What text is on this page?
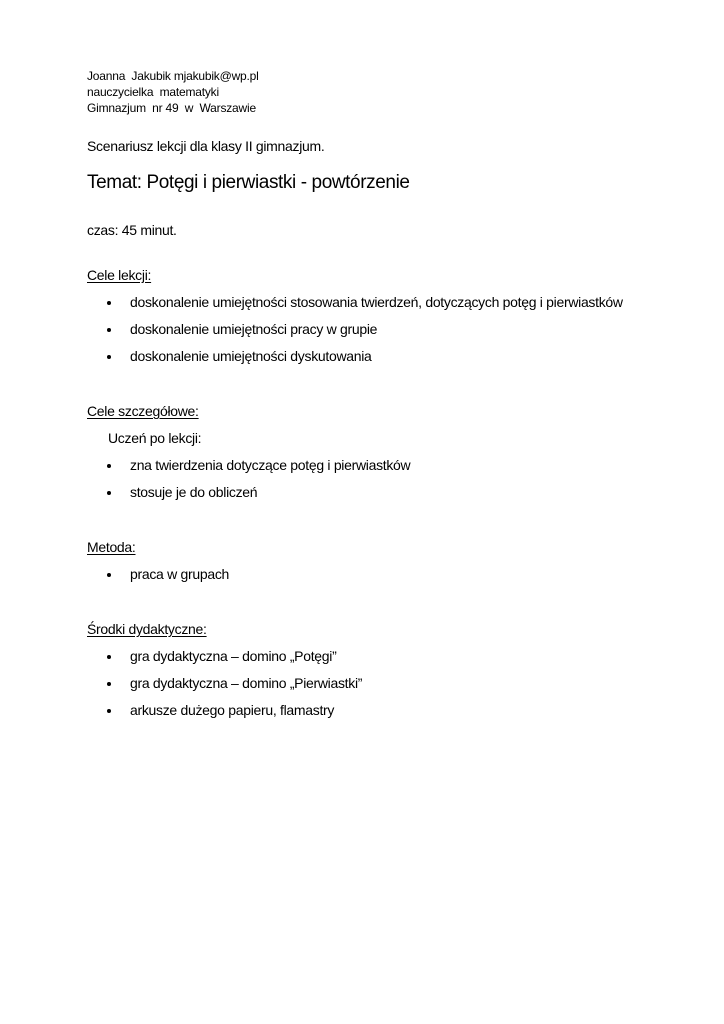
Joanna  Jakubik mjakubik@wp.pl
nauczycielka  matematyki
Gimnazjum  nr 49  w  Warszawie
Scenariusz lekcji dla klasy II gimnazjum.
Temat: Potęgi i pierwiastki - powtórzenie
czas: 45 minut.

Cele lekcji:

doskonalenie umiejętności stosowania twierdzeń, dotyczących potęg i pierwiastków
doskonalenie umiejętności pracy w grupie
doskonalenie umiejętności dyskutowania

Cele szczegółowe:

Uczeń po lekcji:
zna twierdzenia dotyczące potęg i pierwiastków
stosuje je do obliczeń

Metoda:

praca w grupach

Środki dydaktyczne:

gra dydaktyczna – domino „Potęgi”
gra dydaktyczna – domino „Pierwiastki”
arkusze dużego papieru, flamastry
